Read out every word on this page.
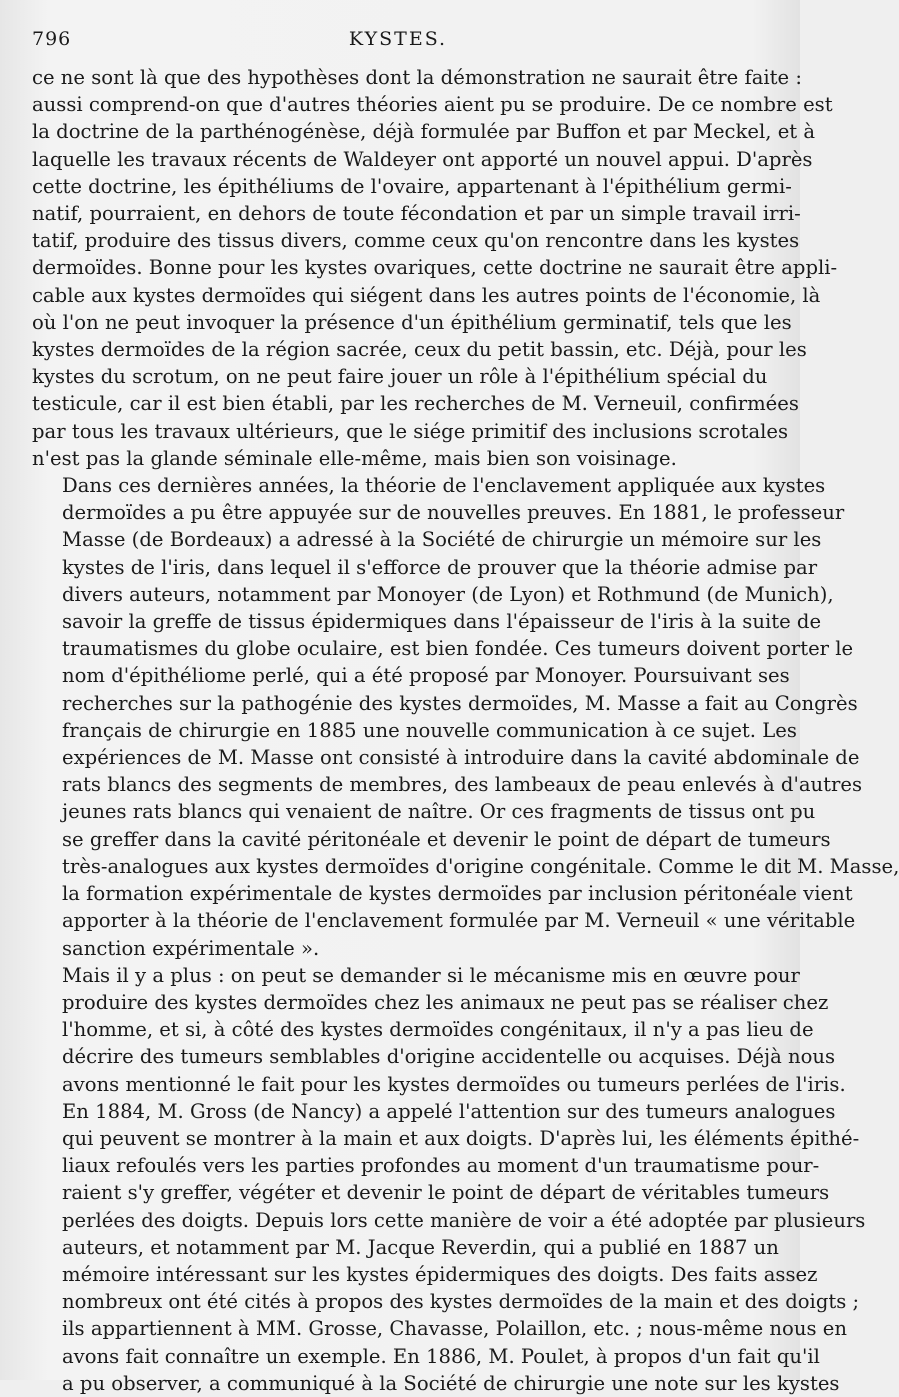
796	KYSTES.

ce ne sont là que des hypothèses dont la démonstration ne saurait être faite :
aussi comprend-on que d'autres théories aient pu se produire. De ce nombre est
la doctrine de la parthénogénèse, déjà formulée par Buffon et par Meckel, et à
laquelle les travaux récents de Waldeyer ont apporté un nouvel appui. D'après
cette doctrine, les épithéliums de l'ovaire, appartenant à l'épithélium germi-
natif, pourraient, en dehors de toute fécondation et par un simple travail irri-
tatif, produire des tissus divers, comme ceux qu'on rencontre dans les kystes
dermoïdes. Bonne pour les kystes ovariques, cette doctrine ne saurait être appli-
cable aux kystes dermoïdes qui siégent dans les autres points de l'économie, là
où l'on ne peut invoquer la présence d'un épithélium germinatif, tels que les
kystes dermoïdes de la région sacrée, ceux du petit bassin, etc. Déjà, pour les
kystes du scrotum, on ne peut faire jouer un rôle à l'épithélium spécial du
testicule, car il est bien établi, par les recherches de M. Verneuil, confirmées
par tous les travaux ultérieurs, que le siége primitif des inclusions scrotales
n'est pas la glande séminale elle-même, mais bien son voisinage.

Dans ces dernières années, la théorie de l'enclavement appliquée aux kystes
dermoïdes a pu être appuyée sur de nouvelles preuves. En 1881, le professeur
Masse (de Bordeaux) a adressé à la Société de chirurgie un mémoire sur les
kystes de l'iris, dans lequel il s'efforce de prouver que la théorie admise par
divers auteurs, notamment par Monoyer (de Lyon) et Rothmund (de Munich),
savoir la greffe de tissus épidermiques dans l'épaisseur de l'iris à la suite de
traumatismes du globe oculaire, est bien fondée. Ces tumeurs doivent porter le
nom d'épithéliome perlé, qui a été proposé par Monoyer. Poursuivant ses
recherches sur la pathogénie des kystes dermoïdes, M. Masse a fait au Congrès
français de chirurgie en 1885 une nouvelle communication à ce sujet. Les
expériences de M. Masse ont consisté à introduire dans la cavité abdominale de
rats blancs des segments de membres, des lambeaux de peau enlevés à d'autres
jeunes rats blancs qui venaient de naître. Or ces fragments de tissus ont pu
se greffer dans la cavité péritonéale et devenir le point de départ de tumeurs
très-analogues aux kystes dermoïdes d'origine congénitale. Comme le dit M. Masse,
la formation expérimentale de kystes dermoïdes par inclusion péritonéale vient
apporter à la théorie de l'enclavement formulée par M. Verneuil « une véritable
sanction expérimentale ».

Mais il y a plus : on peut se demander si le mécanisme mis en œuvre pour
produire des kystes dermoïdes chez les animaux ne peut pas se réaliser chez
l'homme, et si, à côté des kystes dermoïdes congénitaux, il n'y a pas lieu de
décrire des tumeurs semblables d'origine accidentelle ou acquises. Déjà nous
avons mentionné le fait pour les kystes dermoïdes ou tumeurs perlées de l'iris.
En 1884, M. Gross (de Nancy) a appelé l'attention sur des tumeurs analogues
qui peuvent se montrer à la main et aux doigts. D'après lui, les éléments épithé-
liaux refoulés vers les parties profondes au moment d'un traumatisme pour-
raient s'y greffer, végéter et devenir le point de départ de véritables tumeurs
perlées des doigts. Depuis lors cette manière de voir a été adoptée par plusieurs
auteurs, et notamment par M. Jacque Reverdin, qui a publié en 1887 un
mémoire intéressant sur les kystes épidermiques des doigts. Des faits assez
nombreux ont été cités à propos des kystes dermoïdes de la main et des doigts ;
ils appartiennent à MM. Grosse, Chavasse, Polaillon, etc. ; nous-même nous en
avons fait connaître un exemple. En 1886, M. Poulet, à propos d'un fait qu'il
a pu observer, a communiqué à la Société de chirurgie une note sur les kystes
